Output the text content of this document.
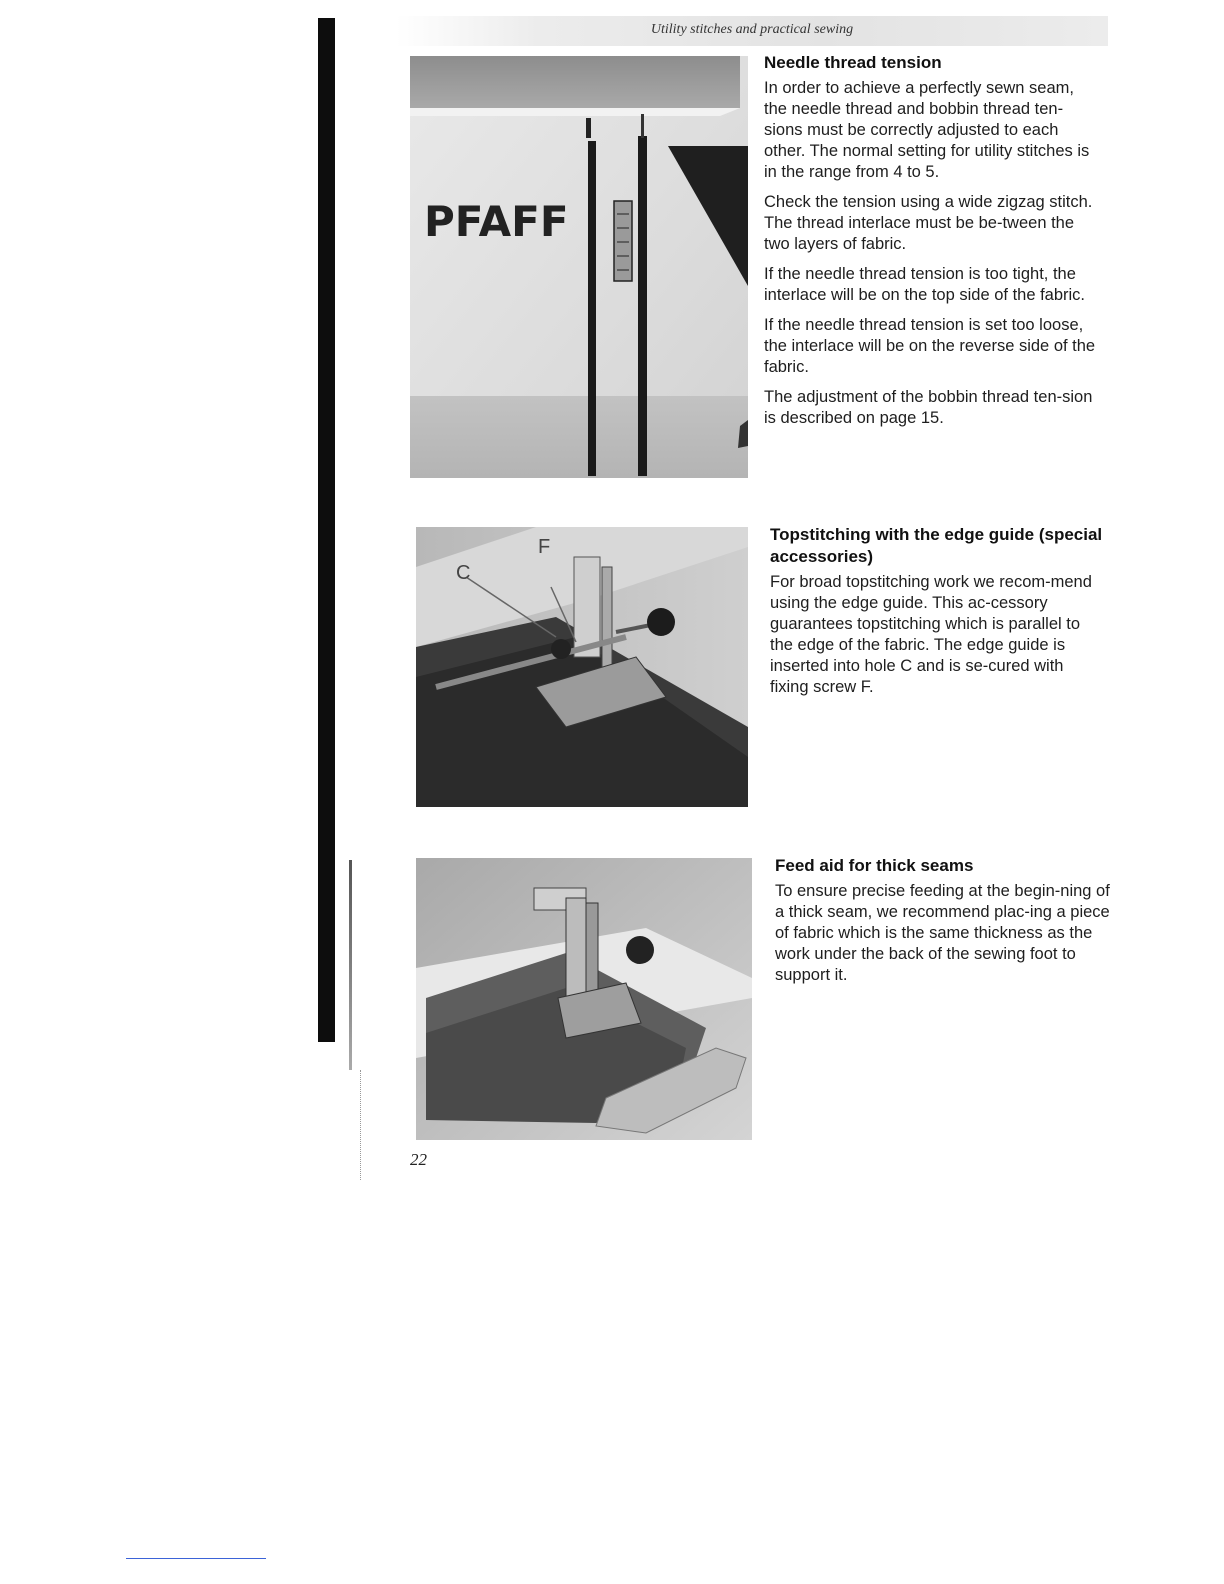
Utility stitches and practical sewing
PFAFF
C
F
Needle thread tension

In order to achieve a perfectly sewn seam, the needle thread and bobbin thread ten-sions must be correctly adjusted to each other. The normal setting for utility stitches is in the range from 4 to 5.

Check the tension using a wide zigzag stitch. The thread interlace must be be-tween the two layers of fabric.

If the needle thread tension is too tight, the interlace will be on the top side of the fabric.

If the needle thread tension is set too loose, the interlace will be on the reverse side of the fabric.

The adjustment of the bobbin thread ten-sion is described on page 15.

Topstitching with the edge guide (special accessories)

For broad topstitching work we recom-mend using the edge guide. This ac-cessory guarantees topstitching which is parallel to the edge of the fabric. The edge guide is inserted into hole C and is se-cured with fixing screw F.

Feed aid for thick seams

To ensure precise feeding at the begin-ning of a thick seam, we recommend plac-ing a piece of fabric which is the same thickness as the work under the back of the sewing foot to support it.

22
